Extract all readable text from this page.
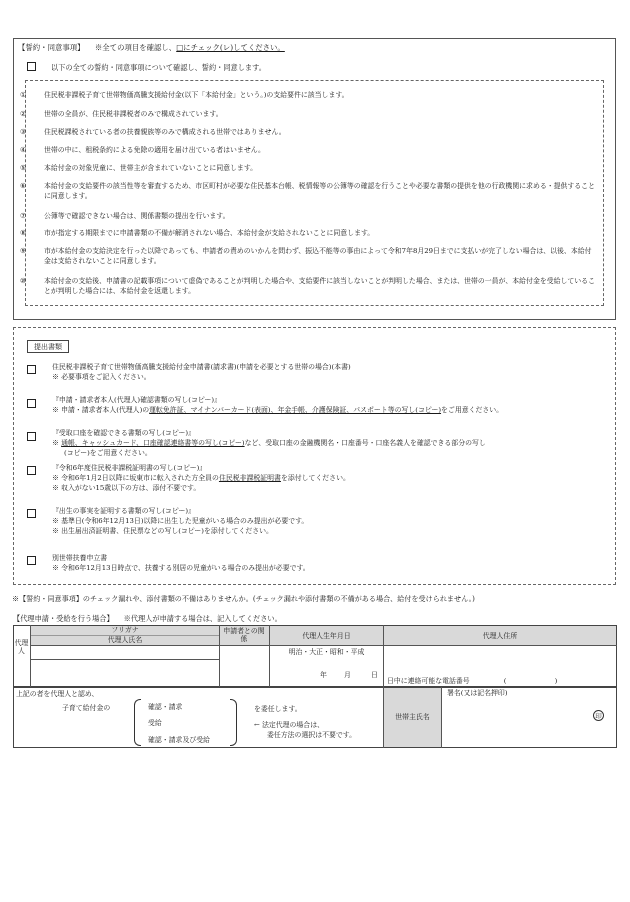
【誓約・同意事項】 ※全ての項目を確認し、□にチェック(レ)してください。
以下の全ての誓約・同意事項について確認し、誓約・同意します。
①	住民税非課税子育て世帯物価高騰支援給付金(以下「本給付金」という。)の支給要件に該当します。
②	世帯の全員が、住民税非課税者のみで構成されています。
③	住民税課税されている者の扶養親族等のみで構成される世帯ではありません。
④	世帯の中に、租税条約による免除の適用を届け出ている者はいません。
⑤	本給付金の対象児童に、世帯主が含まれていないことに同意します。
⑥	本給付金の支給要件の該当性等を審査するため、市区町村が必要な住民基本台帳、税情報等の公簿等の確認を行うことや必要な書類の提供を他の行政機関に求める・提供することに同意します。
⑦	公簿等で確認できない場合は、関係書類の提出を行います。
⑧	市が指定する期限までに申請書類の不備が解消されない場合、本給付金が支給されないことに同意します。
⑨	市が本給付金の支給決定を行った以降であっても、申請者の責めのいかんを問わず、振込不能等の事由によって令和7年8月29日までに支払いが完了しない場合は、以後、本給付金は支給されないことに同意します。
⑩	本給付金の支給後、申請書の記載事項について虚偽であることが判明した場合や、支給要件に該当しないことが判明した場合、または、世帯の一員が、本給付金を受給していることが判明した場合には、本給付金を返還します。
提出書類
住民税非課税子育て世帯物価高騰支援給付金申請書(請求書)(申請を必要とする世帯の場合)(本書)
※ 必要事項をご記入ください。
『申請・請求者本人(代理人)確認書類の写し(コピー)』
※ 申請・請求者本人(代理人)の運転免許証、マイナンバーカード(表面)、年金手帳、介護保険証、パスポート等の写し(コピー)をご用意ください。
『受取口座を確認できる書類の写し(コピー)』
※ 通帳、キャッシュカード、口座確認連絡書等の写し(コピー)など、受取口座の金融機関名・口座番号・口座名義人を確認できる部分の写し
(コピー)をご用意ください。
『令和6年度住民税非課税証明書の写し(コピー)』
※ 令和6年1月2日以降に坂東市に転入された方全員の住民税非課税証明書を添付してください。
※ 収入がない15歳以下の方は、添付不要です。
『出生の事実を証明する書類の写し(コピー)』
※ 基準日(令和6年12月13日)以降に出生した児童がいる場合のみ提出が必要です。
※ 出生届出済証明書、住民票などの写し(コピー)を添付してください。
別世帯扶養申立書
※ 令和6年12月13日時点で、扶養する別居の児童がいる場合のみ提出が必要です。
※【誓約・同意事項】のチェック漏れや、添付書類の不備はありませんか。(チェック漏れや添付書類の不備がある場合、給付を受けられません。)
【代理申請・受給を行う場合】 ※代理人が申請する場合は、記入してください。
代理人
フリガナ
代理人氏名
申請者との関係	代理人生年月日	代理人住所
明治・大正・昭和・平成
年 月	日
日中に連絡可能な電話番号	(　　　　　　　)
上記の者を代理人と認め、
子育て給付金の	確認・請求
受給
確認・請求及び受給
を委任します。
← 法定代理の場合は、
委任方法の選択は不要です。
世帯主氏名
署名(又は記名押印)
印
